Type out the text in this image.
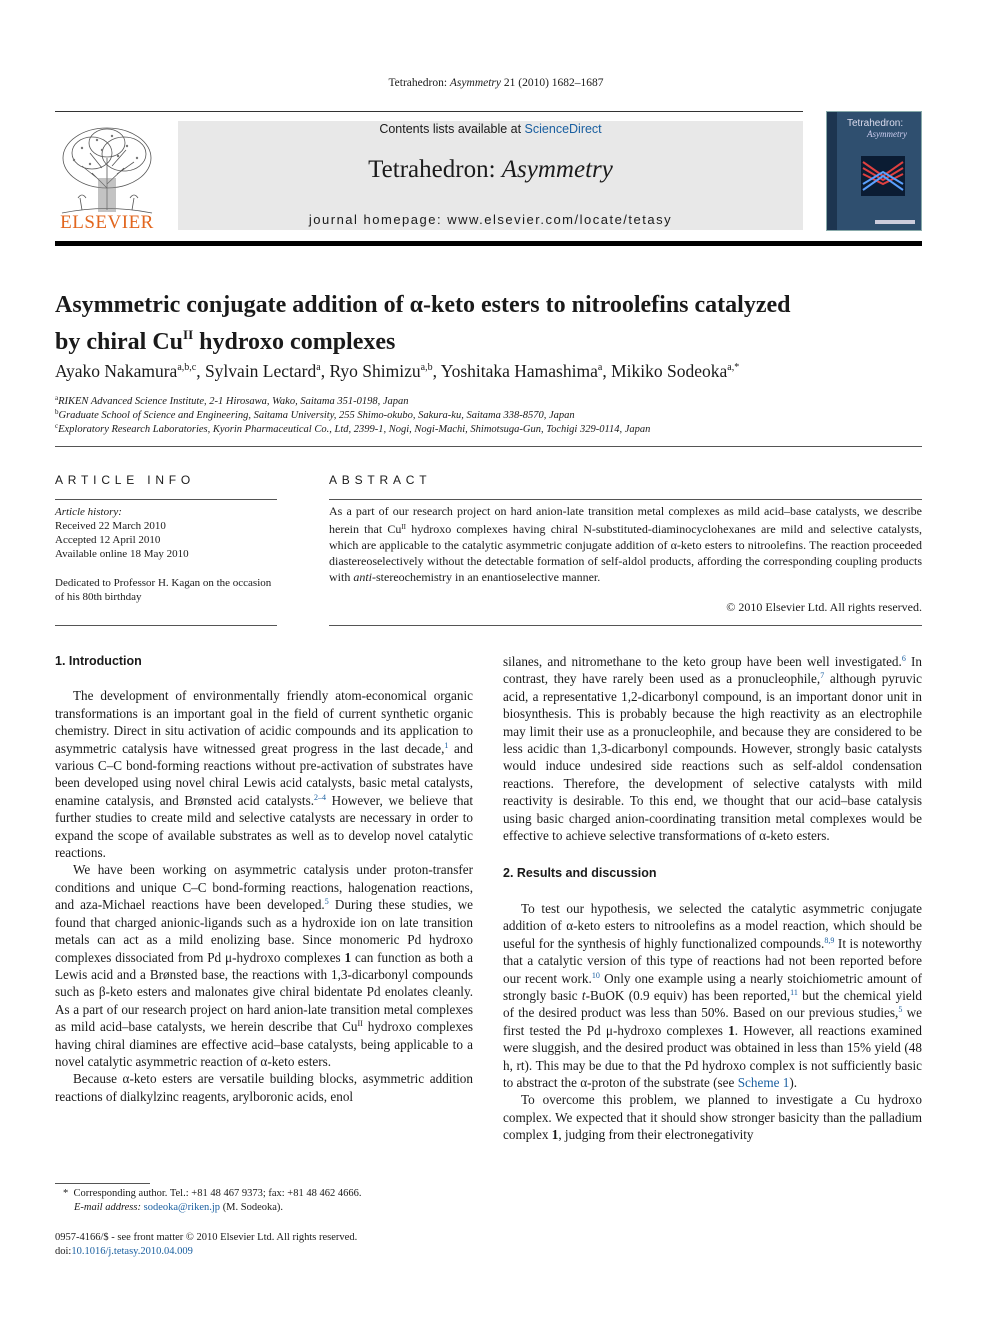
Tetrahedron: Asymmetry 21 (2010) 1682–1687
ELSEVIER
Contents lists available at ScienceDirect
Tetrahedron: Asymmetry
journal homepage: www.elsevier.com/locate/tetasy
Tetrahedron:
Asymmetry
Asymmetric conjugate addition of α-keto esters to nitroolefins catalyzed
by chiral $Cu^{II}$ hydroxo complexes
Ayako Nakamura$^{a,b,c}$, Sylvain Lectard$^a$, Ryo Shimizu$^{a,b}$, Yoshitaka Hamashima$^a$, Mikiko Sodeoka$^{a,*}$
$^a$RIKEN Advanced Science Institute, 2-1 Hirosawa, Wako, Saitama 351-0198, Japan
$^b$Graduate School of Science and Engineering, Saitama University, 255 Shimo-okubo, Sakura-ku, Saitama 338-8570, Japan
$^c$Exploratory Research Laboratories, Kyorin Pharmaceutical Co., Ltd, 2399-1, Nogi, Nogi-Machi, Shimotsuga-Gun, Tochigi 329-0114, Japan
ARTICLE INFO
Article history:
Received 22 March 2010
Accepted 12 April 2010
Available online 18 May 2010
Dedicated to Professor H. Kagan on the occasion of his 80th birthday
ABSTRACT
As a part of our research project on hard anion-late transition metal complexes as mild acid–base catalysts, we describe herein that $Cu^{II}$ hydroxo complexes having chiral N-substituted-diaminocyclohexanes are mild and selective catalysts, which are applicable to the catalytic asymmetric conjugate addition of α-keto esters to nitroolefins. The reaction proceeded diastereoselectively without the detectable formation of self-aldol products, affording the corresponding coupling products with anti-stereochemistry in an enantioselective manner.
© 2010 Elsevier Ltd. All rights reserved.
1. Introduction

The development of environmentally friendly atom-economical organic transformations is an important goal in the field of current synthetic organic chemistry. Direct in situ activation of acidic compounds and its application to asymmetric catalysis have witnessed great progress in the last decade,$^1$ and various C–C bond-forming reactions without pre-activation of substrates have been developed using novel chiral Lewis acid catalysts, basic metal catalysts, enamine catalysis, and Brønsted acid catalysts.$^{2-4}$ However, we believe that further studies to create mild and selective catalysts are necessary in order to expand the scope of available substrates as well as to develop novel catalytic reactions.

We have been working on asymmetric catalysis under proton-transfer conditions and unique C–C bond-forming reactions, halogenation reactions, and aza-Michael reactions have been developed.$^5$ During these studies, we found that charged anionic-ligands such as a hydroxide ion on late transition metals can act as a mild enolizing base. Since monomeric Pd hydroxo complexes dissociated from Pd μ-hydroxo complexes 1 can function as both a Lewis acid and a Brønsted base, the reactions with 1,3-dicarbonyl compounds such as β-keto esters and malonates give chiral bidentate Pd enolates cleanly. As a part of our research project on hard anion-late transition metal complexes as mild acid–base catalysts, we herein describe that $Cu^{II}$ hydroxo complexes having chiral diamines are effective acid–base catalysts, being applicable to a novel catalytic asymmetric reaction of α-keto esters.

Because α-keto esters are versatile building blocks, asymmetric addition reactions of dialkylzinc reagents, arylboronic acids, enol

silanes, and nitromethane to the keto group have been well investigated.$^6$ In contrast, they have rarely been used as a pronucleophile,$^7$ although pyruvic acid, a representative 1,2-dicarbonyl compound, is an important donor unit in biosynthesis. This is probably because the high reactivity as an electrophile may limit their use as a pronucleophile, and because they are considered to be less acidic than 1,3-dicarbonyl compounds. However, strongly basic catalysts would induce undesired side reactions such as self-aldol condensation reactions. Therefore, the development of selective catalysts with mild reactivity is desirable. To this end, we thought that our acid–base catalysis using basic charged anion-coordinating transition metal complexes would be effective to achieve selective transformations of α-keto esters.

2. Results and discussion

To test our hypothesis, we selected the catalytic asymmetric conjugate addition of α-keto esters to nitroolefins as a model reaction, which should be useful for the synthesis of highly functionalized compounds.$^{8,9}$ It is noteworthy that a catalytic version of this type of reactions had not been reported before our recent work.$^{10}$ Only one example using a nearly stoichiometric amount of strongly basic t-BuOK (0.9 equiv) has been reported,$^{11}$ but the chemical yield of the desired product was less than 50%. Based on our previous studies,$^5$ we first tested the Pd μ-hydroxo complexes 1. However, all reactions examined were sluggish, and the desired product was obtained in less than 15% yield (48 h, rt). This may be due to that the Pd hydroxo complex is not sufficiently basic to abstract the α-proton of the substrate (see Scheme 1).

To overcome this problem, we planned to investigate a Cu hydroxo complex. We expected that it should show stronger basicity than the palladium complex 1, judging from their electronegativity

* Corresponding author. Tel.: +81 48 467 9373; fax: +81 48 462 4666.
E-mail address: sodeoka@riken.jp (M. Sodeoka).
0957-4166/$ - see front matter © 2010 Elsevier Ltd. All rights reserved.
doi:10.1016/j.tetasy.2010.04.009
